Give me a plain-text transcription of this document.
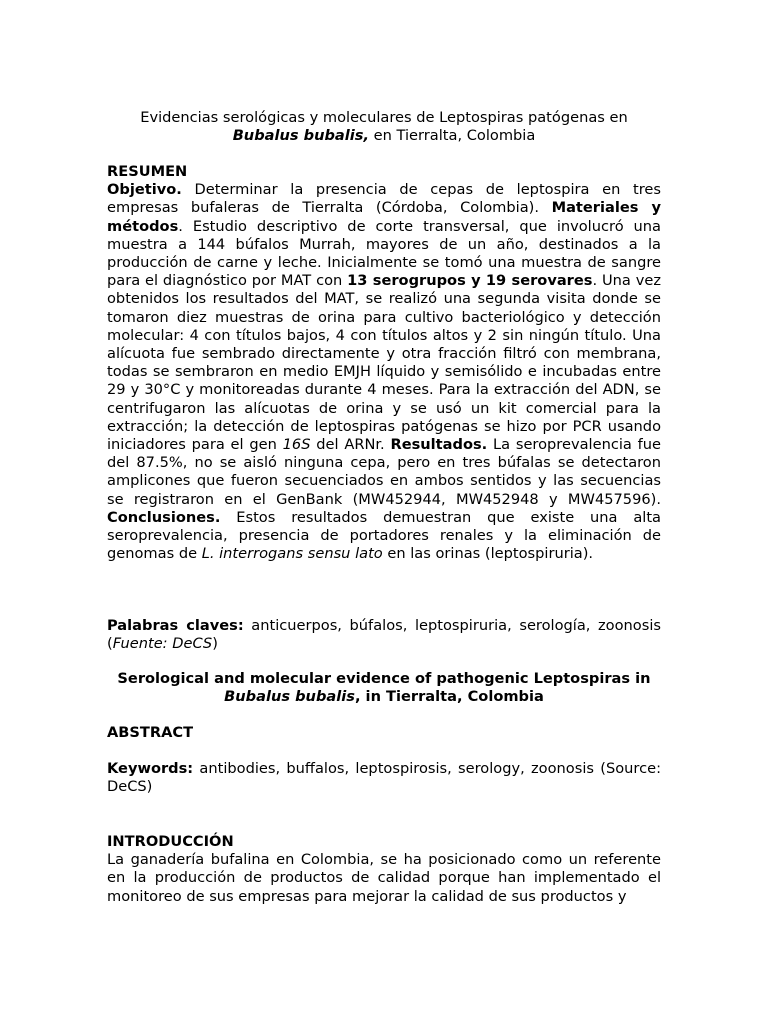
Evidencias serológicas y moleculares de Leptospiras patógenas en
Bubalus bubalis, en Tierralta, Colombia
RESUMEN
Objetivo. Determinar la presencia de cepas de leptospira en tres empresas bufaleras de Tierralta (Córdoba, Colombia). Materiales y métodos. Estudio descriptivo de corte transversal, que involucró una muestra a 144 búfalos Murrah, mayores de un año, destinados a la producción de carne y leche. Inicialmente se tomó una muestra de sangre para el diagnóstico por MAT con 13 serogrupos y 19 serovares. Una vez obtenidos los resultados del MAT, se realizó una segunda visita donde se tomaron diez muestras de orina para cultivo bacteriológico y detección molecular: 4 con títulos bajos, 4 con títulos altos y 2 sin ningún título. Una alícuota fue sembrado directamente y otra fracción filtró con membrana, todas se sembraron en medio EMJH líquido y semisólido e incubadas entre 29 y 30°C y monitoreadas durante 4 meses. Para la extracción del ADN, se centrifugaron las alícuotas de orina y se usó un kit comercial para la extracción; la detección de leptospiras patógenas se hizo por PCR usando iniciadores para el gen 16S del ARNr. Resultados. La seroprevalencia fue del 87.5%, no se aisló ninguna cepa, pero en tres búfalas se detectaron amplicones que fueron secuenciados en ambos sentidos y las secuencias se registraron en el GenBank (MW452944, MW452948 y MW457596). Conclusiones. Estos resultados demuestran que existe una alta seroprevalencia, presencia de portadores renales y la eliminación de genomas de L. interrogans sensu lato en las orinas (leptospiruria).
Palabras claves: anticuerpos, búfalos, leptospiruria, serología, zoonosis (Fuente: DeCS)
Serological and molecular evidence of pathogenic Leptospiras in
Bubalus bubalis, in Tierralta, Colombia
ABSTRACT
Keywords: antibodies, buffalos, leptospirosis, serology, zoonosis (Source: DeCS)
INTRODUCCIÓN
La ganadería bufalina en Colombia, se ha posicionado como un referente en la producción de productos de calidad porque han implementado el monitoreo de sus empresas para mejorar la calidad de sus productos y
